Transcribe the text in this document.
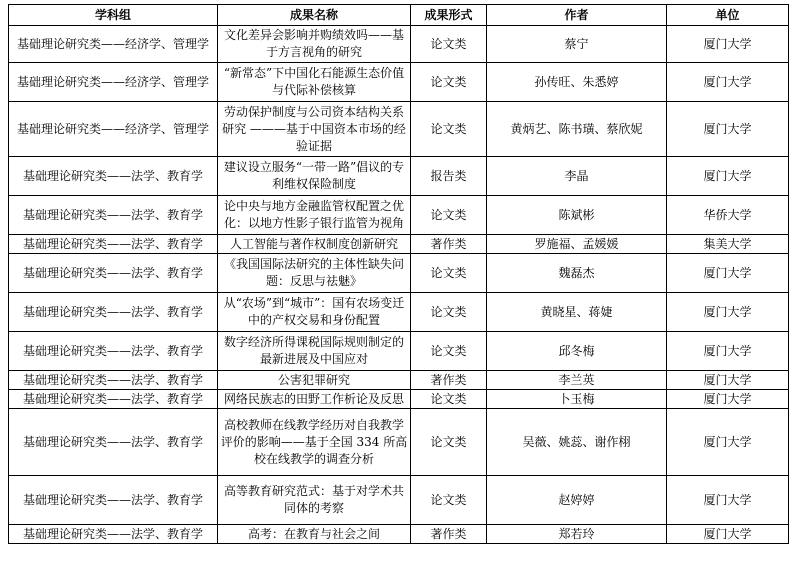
学科组	成果名称	成果形式	作者	单位
基础理论研究类——经济学、管理学	文化差异会影响并购绩效吗——基于方言视角的研究	论文类	蔡宁	厦门大学
基础理论研究类——经济学、管理学	“新常态”下中国化石能源生态价值与代际补偿核算	论文类	孙传旺、朱悉婷	厦门大学
基础理论研究类——经济学、管理学	劳动保护制度与公司资本结构关系研究 ———基于中国资本市场的经验证据	论文类	黄炳艺、陈书璜、蔡欣妮	厦门大学
基础理论研究类——法学、教育学	建议设立服务“一带一路”倡议的专利维权保险制度	报告类	李晶	厦门大学
基础理论研究类——法学、教育学	论中央与地方金融监管权配置之优化：以地方性影子银行监管为视角	论文类	陈斌彬	华侨大学
基础理论研究类——法学、教育学	人工智能与著作权制度创新研究	著作类	罗施福、孟媛媛	集美大学
基础理论研究类——法学、教育学	《我国国际法研究的主体性缺失问题：反思与祛魅》	论文类	魏磊杰	厦门大学
基础理论研究类——法学、教育学	从“农场”到“城市”：国有农场变迁中的产权交易和身份配置	论文类	黄晓星、蒋婕	厦门大学
基础理论研究类——法学、教育学	数字经济所得课税国际规则制定的最新进展及中国应对	论文类	邱冬梅	厦门大学
基础理论研究类——法学、教育学	公害犯罪研究	著作类	李兰英	厦门大学
基础理论研究类——法学、教育学	网络民族志的田野工作析论及反思	论文类	卜玉梅	厦门大学
基础理论研究类——法学、教育学	高校教师在线教学经历对自我教学评价的影响——基于全国 334 所高校在线教学的调查分析	论文类	吴薇、姚蕊、谢作栩	厦门大学
基础理论研究类——法学、教育学	高等教育研究范式：基于对学术共同体的考察	论文类	赵婷婷	厦门大学
基础理论研究类——法学、教育学	高考：在教育与社会之间	著作类	郑若玲	厦门大学
